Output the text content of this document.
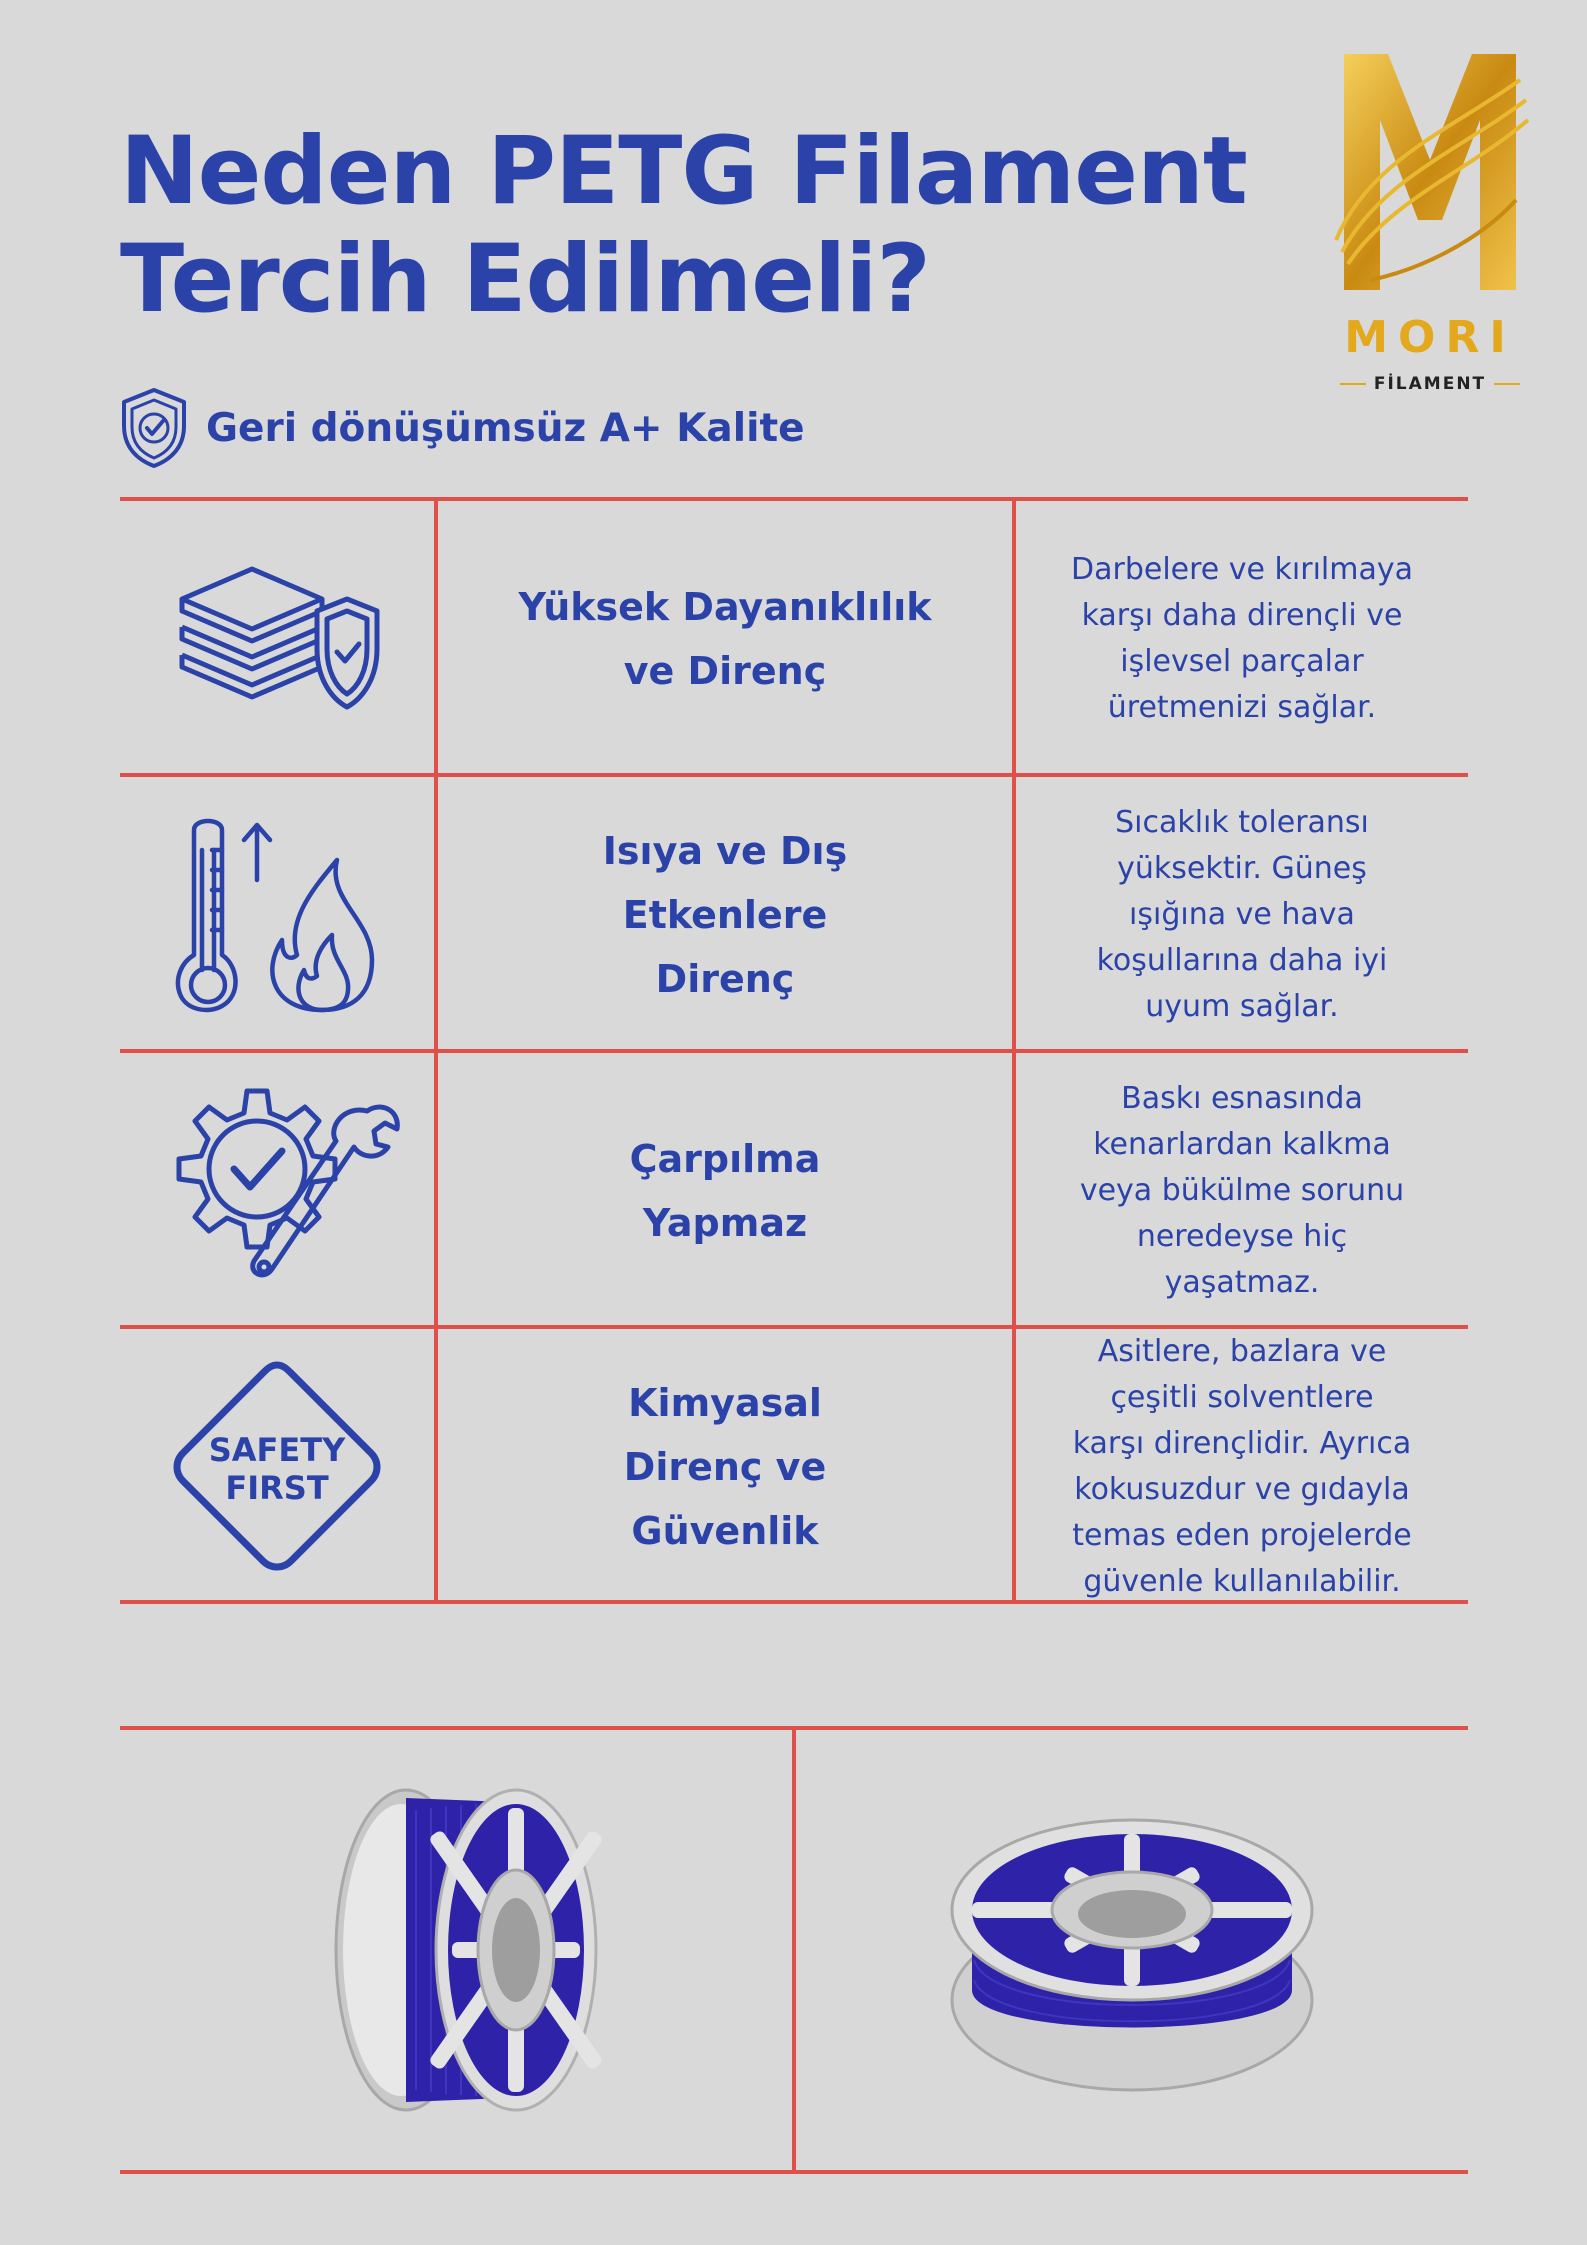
Neden PETG Filament
Tercih Edilmeli?
MORI
FİLAMENT
Geri dönüşümsüz A+ Kalite
Yüksek Dayanıklılık
ve Direnç
Darbelere ve kırılmaya
karşı daha dirençli ve
işlevsel parçalar
üretmenizi sağlar.
Isıya ve Dış
Etkenlere
Direnç
Sıcaklık toleransı
yüksektir. Güneş
ışığına ve hava
koşullarına daha iyi
uyum sağlar.
Çarpılma
Yapmaz
Baskı esnasında
kenarlardan kalkma
veya bükülme sorunu
neredeyse hiç
yaşatmaz.
SAFETY
FIRST
Kimyasal
Direnç ve
Güvenlik
Asitlere, bazlara ve
çeşitli solventlere
karşı dirençlidir. Ayrıca
kokusuzdur ve gıdayla
temas eden projelerde
güvenle kullanılabilir.
